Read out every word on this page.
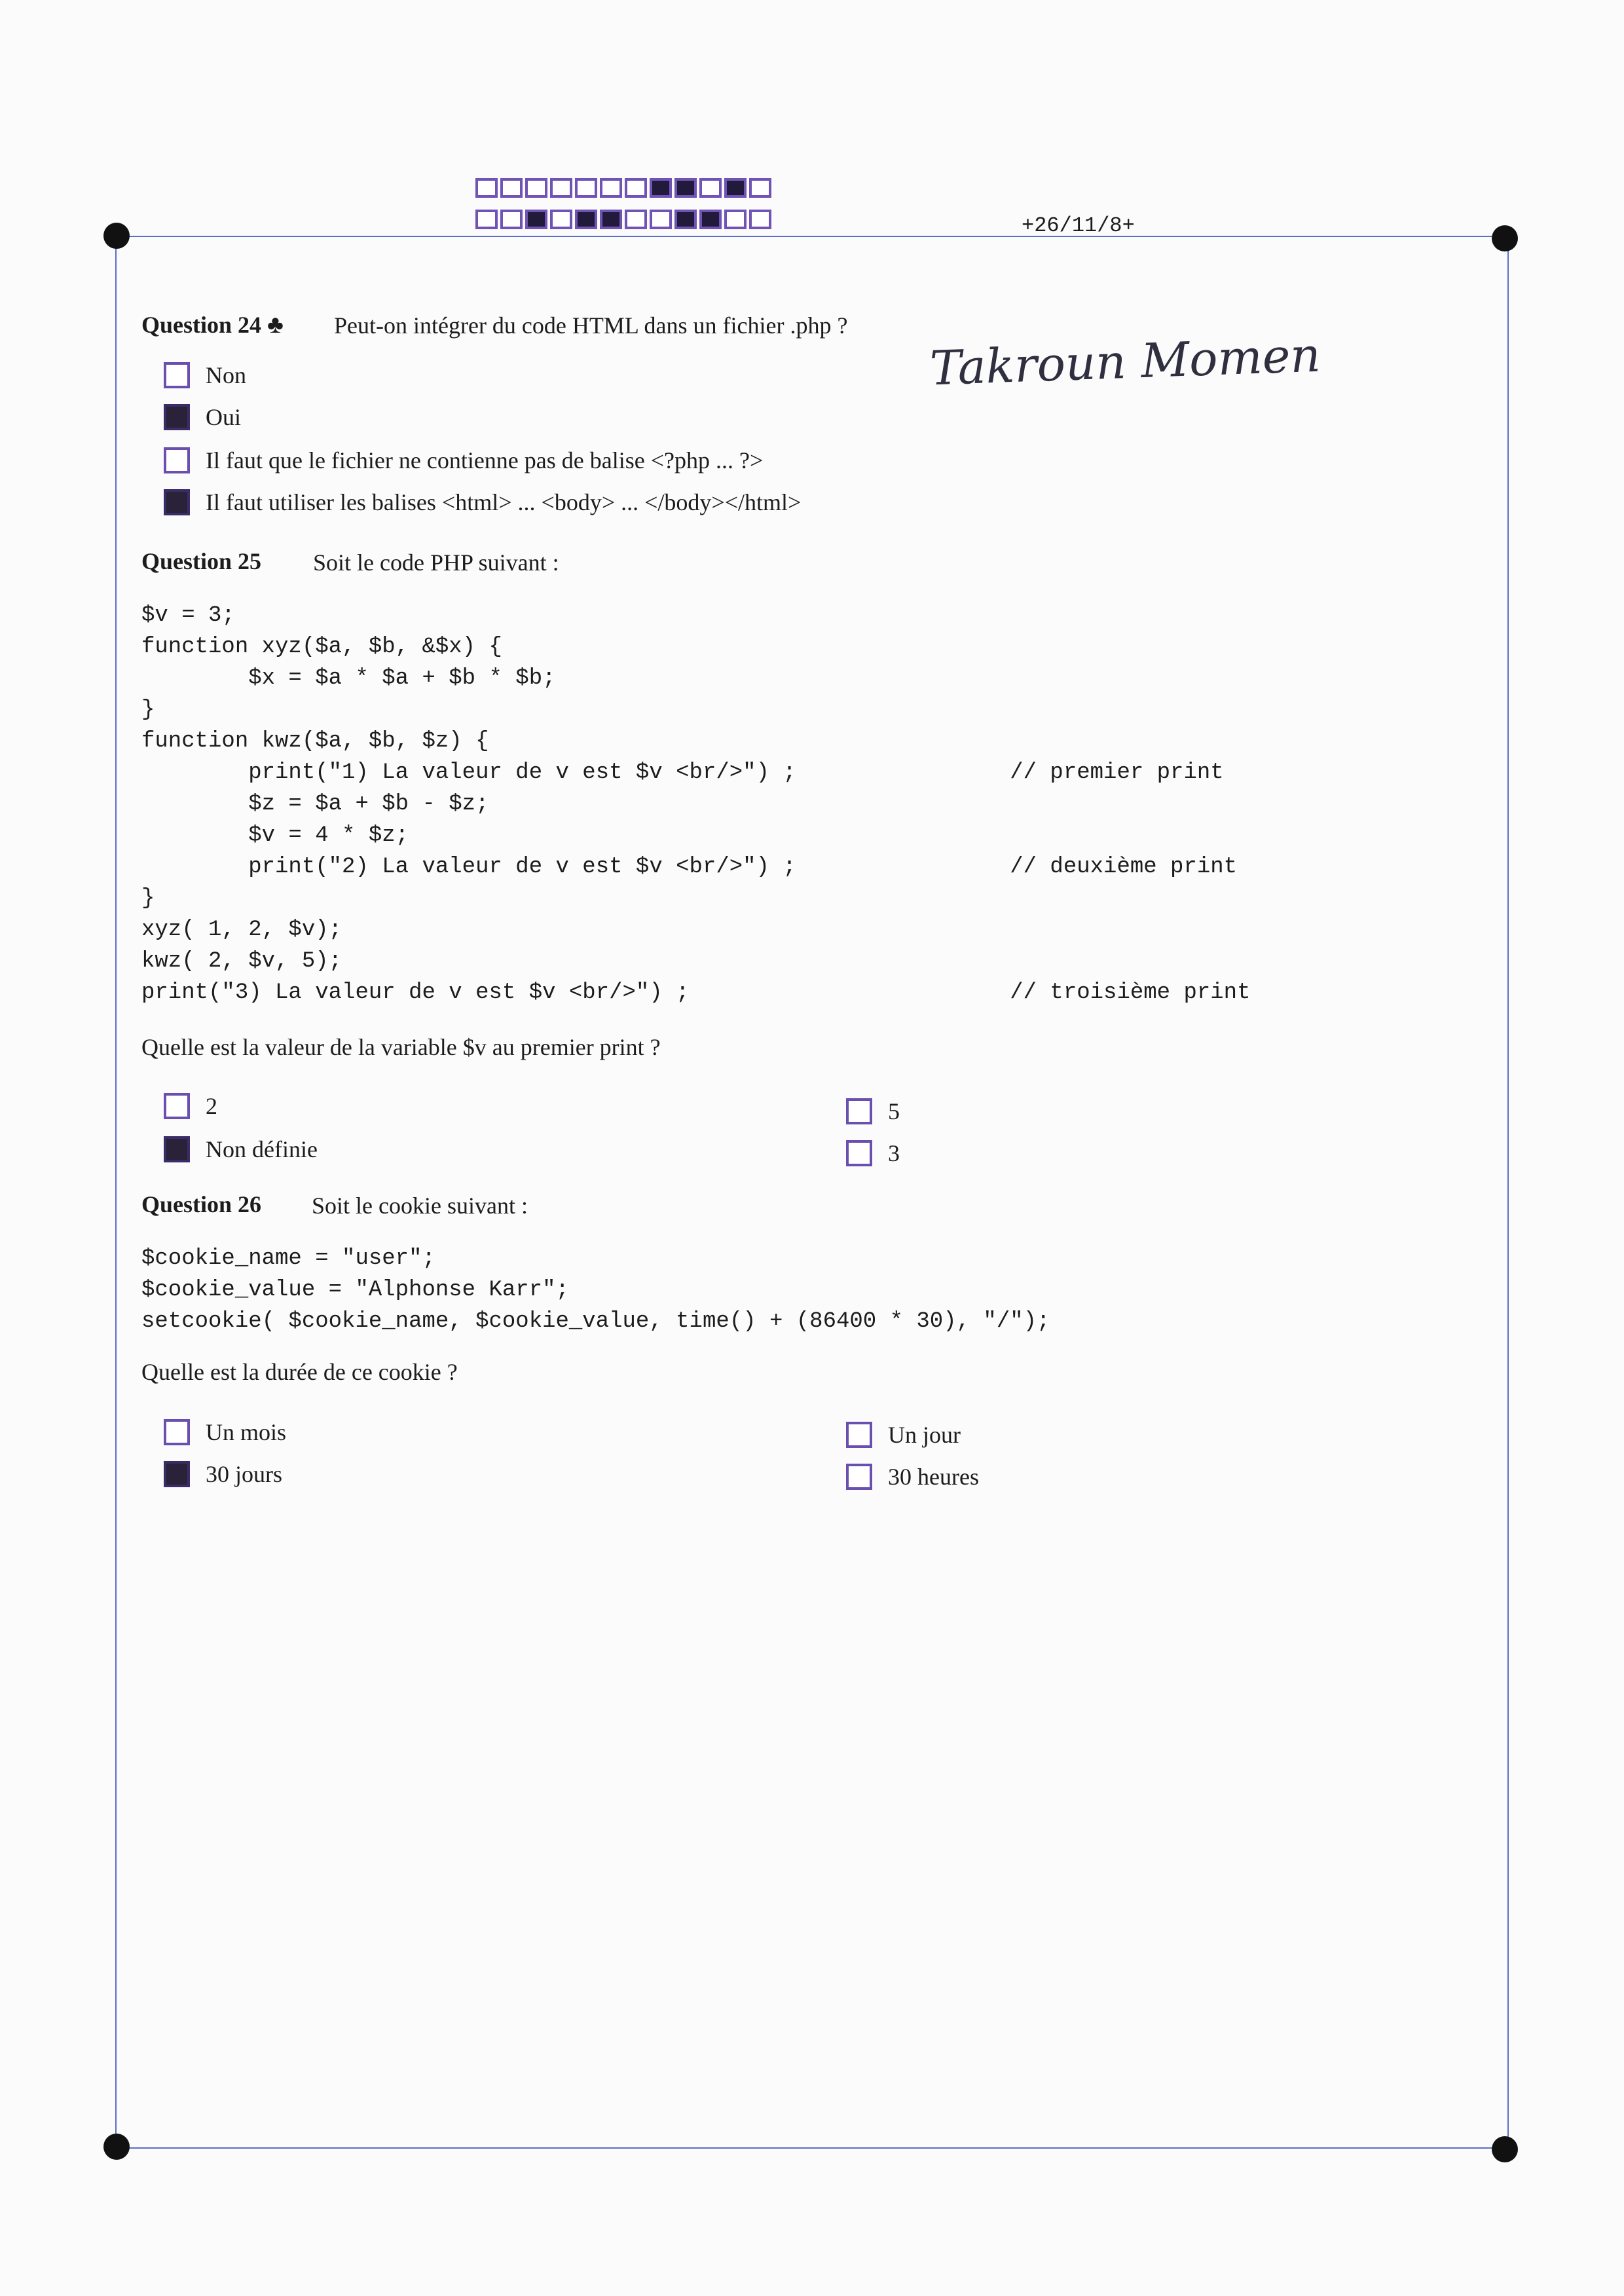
+26/11/8+
Takroun Momen
Question 24 ♣ Peut-on intégrer du code HTML dans un fichier .php ?
Non
Oui
Il faut que le fichier ne contienne pas de balise <?php ... ?>
Il faut utiliser les balises <html> ... <body> ... </body></html>
Question 25 Soit le code PHP suivant :
$v = 3;
function xyz($a, $b, &$x) {
$x = $a * $a + $b * $b;
}
function kwz($a, $b, $z) {
print("1) La valeur de v est $v <br/>") ;                // premier print
$z = $a + $b - $z;
$v = 4 * $z;
print("2) La valeur de v est $v <br/>") ;                // deuxième print
}
xyz( 1, 2, $v);
kwz( 2, $v, 5);
print("3) La valeur de v est $v <br/>") ;                        // troisième print
Quelle est la valeur de la variable $v au premier print ?
2
Non définie
5
3
Question 26 Soit le cookie suivant :
$cookie_name = "user";
$cookie_value = "Alphonse Karr";
setcookie( $cookie_name, $cookie_value, time() + (86400 * 30), "/");
Quelle est la durée de ce cookie ?
Un mois
30 jours
Un jour
30 heures
